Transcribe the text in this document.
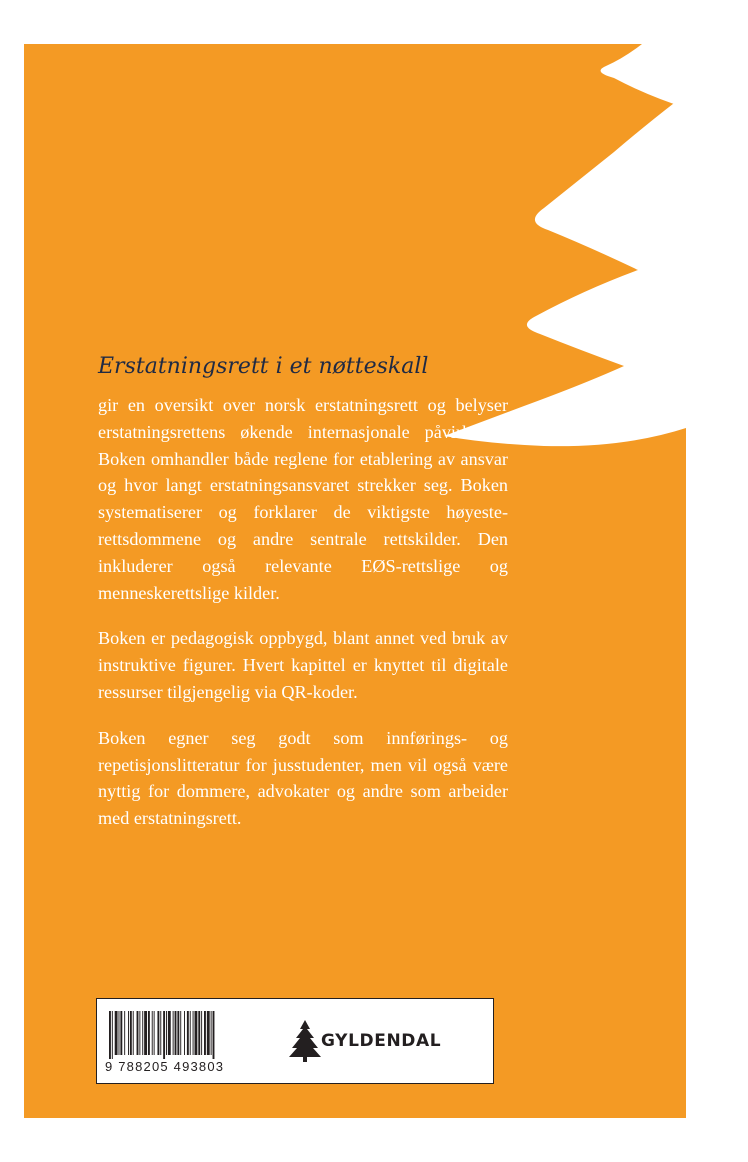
Erstatningsrett i et nøtteskall

gir en oversikt over norsk erstatningsrett og belyser erstatningsrettens økende internasjonale påvirkning. Boken omhandler både reglene for etablering av ansvar og hvor langt erstatningsansvaret strekker seg. Boken systematiserer og forklarer de viktigste høyesterettsdommene og andre sentrale rettskilder. Den inkluderer også relevante EØS-rettslige og menneskerettslige kilder.

Boken er pedagogisk oppbygd, blant annet ved bruk av instruktive figurer. Hvert kapittel er knyttet til digitale ressurser tilgjengelig via QR-koder.

Boken egner seg godt som innførings- og repetisjonslitteratur for jusstudenter, men vil også være nyttig for dommere, advokater og andre som arbeider med erstatningsrett.

9 788205 493803
GYLDENDAL
